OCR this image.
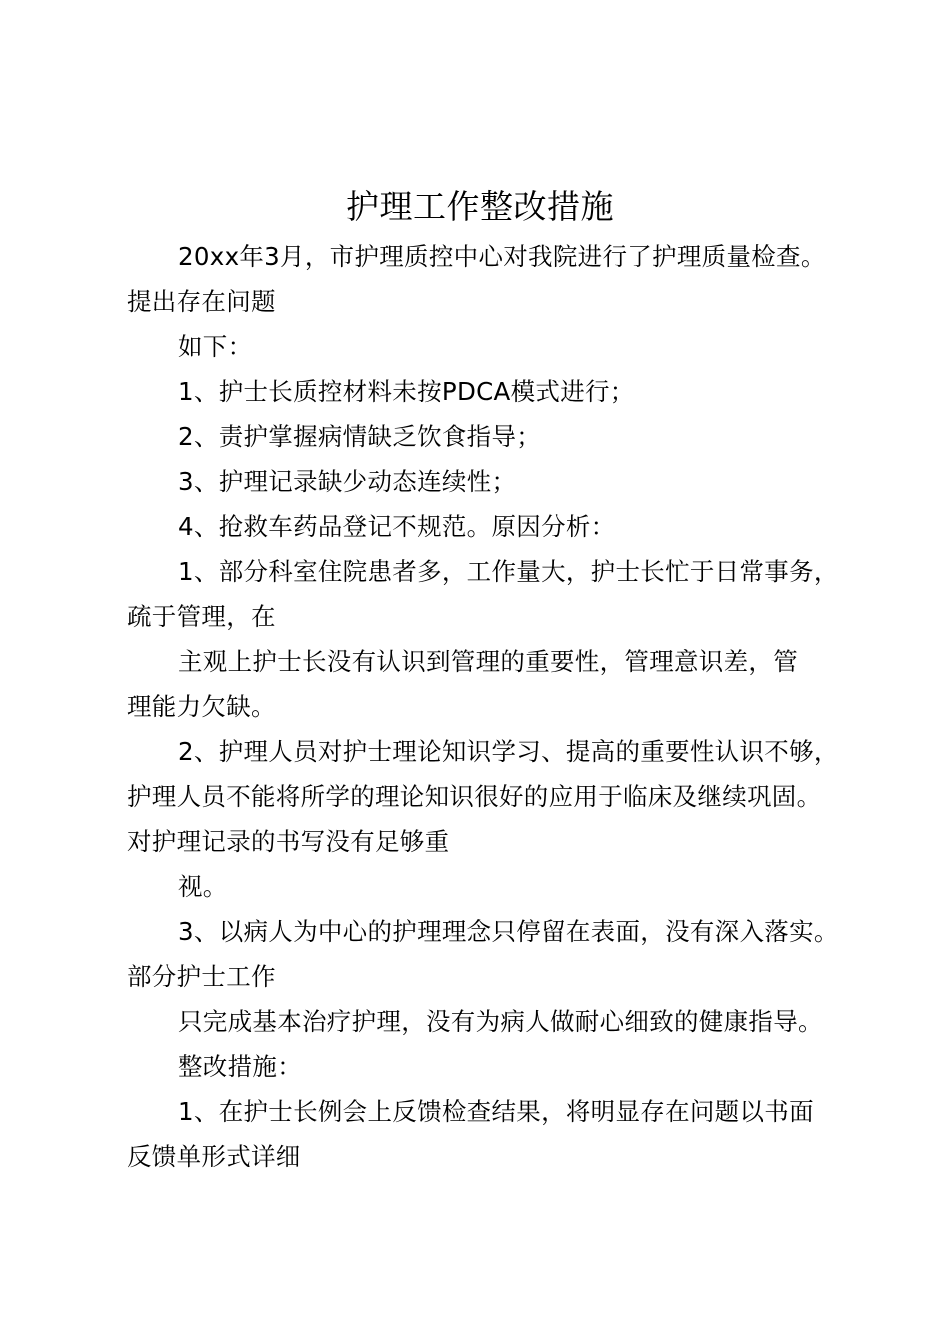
护理工作整改措施
20xx年3月，市护理质控中心对我院进行了护理质量检查。
提出存在问题
如下：
1、护士长质控材料未按PDCA模式进行；
2、责护掌握病情缺乏饮食指导；
3、护理记录缺少动态连续性；
4、抢救车药品登记不规范。原因分析：
1、部分科室住院患者多，工作量大，护士长忙于日常事务，
疏于管理，在
主观上护士长没有认识到管理的重要性，管理意识差，管
理能力欠缺。
2、护理人员对护士理论知识学习、提高的重要性认识不够，
护理人员不能将所学的理论知识很好的应用于临床及继续巩固。
对护理记录的书写没有足够重
视。
3、以病人为中心的护理理念只停留在表面，没有深入落实。
部分护士工作
只完成基本治疗护理，没有为病人做耐心细致的健康指导。
整改措施：
1、在护士长例会上反馈检查结果，将明显存在问题以书面
反馈单形式详细
